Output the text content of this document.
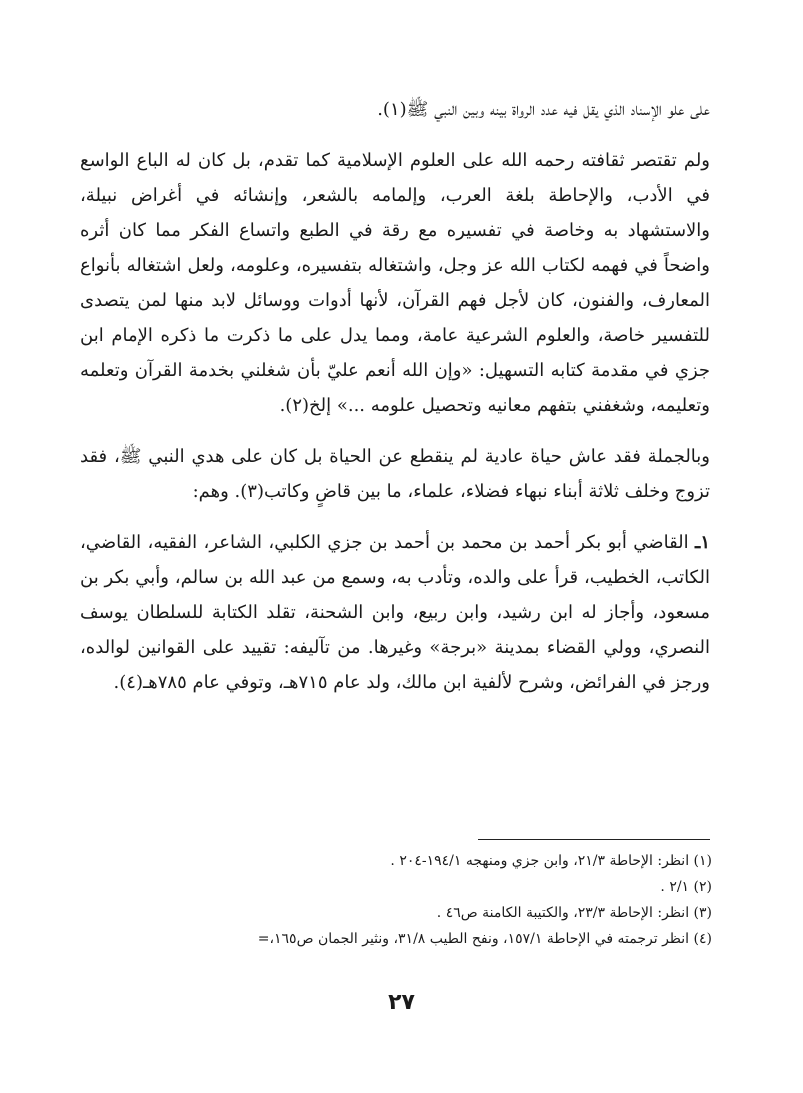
على علو الإسناد الذي يقل فيه عدد الرواة بينه وبين النبي ﷺ(١).

ولم تقتصر ثقافته رحمه الله على العلوم الإسلامية كما تقدم، بل كان له الباع الواسع في الأدب، والإحاطة بلغة العرب، وإلمامه بالشعر، وإنشائه في أغراض نبيلة، والاستشهاد به وخاصة في تفسيره مع رقة في الطبع واتساع الفكر مما كان أثره واضحاً في فهمه لكتاب الله عز وجل، واشتغاله بتفسيره، وعلومه، ولعل اشتغاله بأنواع المعارف، والفنون، كان لأجل فهم القرآن، لأنها أدوات ووسائل لابد منها لمن يتصدى للتفسير خاصة، والعلوم الشرعية عامة، ومما يدل على ما ذكرت ما ذكره الإمام ابن جزي في مقدمة كتابه التسهيل: «وإن الله أنعم عليّ بأن شغلني بخدمة القرآن وتعلمه وتعليمه، وشغفني بتفهم معانيه وتحصيل علومه ...» إلخ(٢).

وبالجملة فقد عاش حياة عادية لم ينقطع عن الحياة بل كان على هدي النبي ﷺ، فقد تزوج وخلف ثلاثة أبناء نبهاء فضلاء، علماء، ما بين قاضٍ وكاتب(٣). وهم:

١ـ القاضي أبو بكر أحمد بن محمد بن أحمد بن جزي الكلبي، الشاعر، الفقيه، القاضي، الكاتب، الخطيب، قرأ على والده، وتأدب به، وسمع من عبد الله بن سالم، وأبي بكر بن مسعود، وأجاز له ابن رشيد، وابن ربيع، وابن الشحنة، تقلد الكتابة للسلطان يوسف النصري، وولي القضاء بمدينة «برجة» وغيرها. من تآليفه: تقييد على القوانين لوالده، ورجز في الفرائض، وشرح لألفية ابن مالك، ولد عام ٧١٥هـ، وتوفي عام ٧٨٥هـ(٤).

(١) انظر: الإحاطة ٢١/٣، وابن جزي ومنهجه ١٩٤/١-٢٠٤ .

(٢) ٢/١ .

(٣) انظر: الإحاطة ٢٣/٣، والكتيبة الكامنة ص٤٦ .

(٤) انظر ترجمته في الإحاطة ١٥٧/١، ونفح الطيب ٣١/٨، ونثير الجمان ص١٦٥،=

٢٧
